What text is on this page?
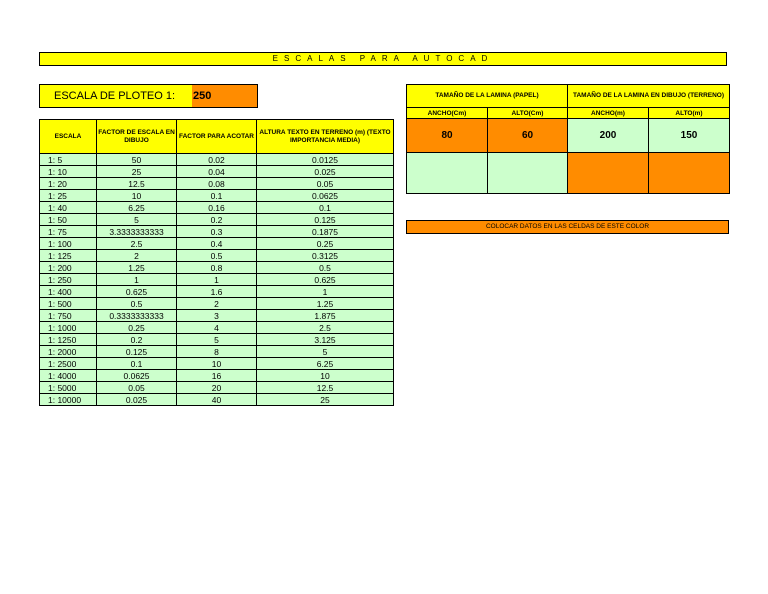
ESCALAS PARA AUTOCAD
ESCALA DE PLOTEO 1:	250
ESCALA	FACTOR DE ESCALA EN DIBUJO	FACTOR PARA ACOTAR	ALTURA TEXTO EN TERRENO (m) (TEXTO IMPORTANCIA MEDIA)
1: 5	50	0.02	0.0125
1: 10	25	0.04	0.025
1: 20	12.5	0.08	0.05
1: 25	10	0.1	0.0625
1: 40	6.25	0.16	0.1
1: 50	5	0.2	0.125
1: 75	3.3333333333	0.3	0.1875
1: 100	2.5	0.4	0.25
1: 125	2	0.5	0.3125
1: 200	1.25	0.8	0.5
1: 250	1	1	0.625
1: 400	0.625	1.6	1
1: 500	0.5	2	1.25
1: 750	0.3333333333	3	1.875
1: 1000	0.25	4	2.5
1: 1250	0.2	5	3.125
1: 2000	0.125	8	5
1: 2500	0.1	10	6.25
1: 4000	0.0625	16	10
1: 5000	0.05	20	12.5
1: 10000	0.025	40	25
TAMAÑO DE LA LAMINA (PAPEL)		TAMAÑO DE LA LAMINA EN DIBUJO (TERRENO)	
ANCHO(Cm)	ALTO(Cm)	ANCHO(m)	ALTO(m)
80	60	200	150

COLOCAR DATOS EN LAS CELDAS DE ESTE COLOR
